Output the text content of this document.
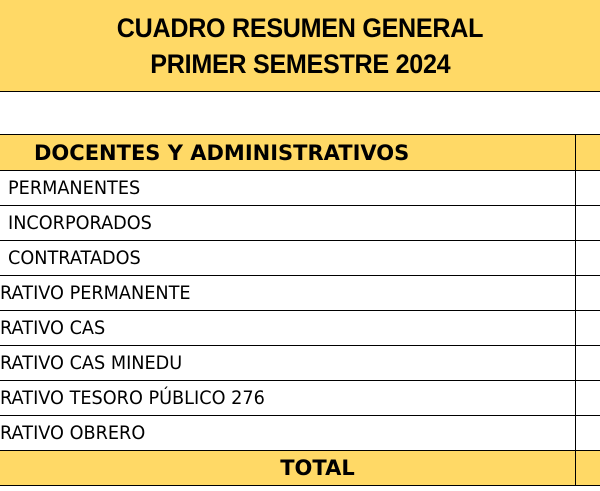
CUADRO RESUMEN GENERAL
PRIMER SEMESTRE 2024
DOCENTES Y ADMINISTRATIVOS
PERMANENTES
INCORPORADOS
CONTRATADOS
RATIVO PERMANENTE
RATIVO CAS
RATIVO CAS MINEDU
RATIVO TESORO PÚBLICO 276
RATIVO OBRERO
TOTAL
